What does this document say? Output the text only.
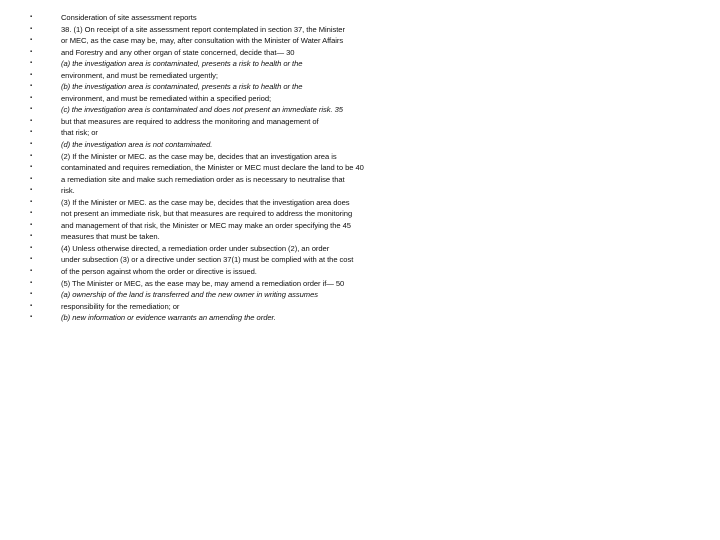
▪	Consideration of site assessment reports
▪	38. (1) On receipt of a site assessment report contemplated in section 37, the Minister
▪	or MEC, as the case may be, may, after consultation with the Minister of Water Affairs
▪	and Forestry and any other organ of state concerned, decide that— 30
▪	(a) the investigation area is contaminated, presents a risk to health or the
▪	environment, and must be remediated urgently;
▪	(b) the investigation area is contaminated, presents a risk to health or the
▪	environment, and must be remediated within a specified period;
▪	(c) the investigation area is contaminated and does not present an immediate risk. 35
▪	but that measures are required to address the monitoring and management of
▪	that risk; or
▪	(d) the investigation area is not contaminated.
▪	(2) If the Minister or MEC. as the case may be, decides that an investigation area is
▪	contaminated and requires remediation, the Minister or MEC must declare the land to be 40
▪	a remediation site and make such remediation order as is necessary to neutralise that
▪	risk.
▪	(3) If the Minister or MEC. as the case may be, decides that the investigation area does
▪	not present an immediate risk, but that measures are required to address the monitoring
▪	and management of that risk, the Minister or MEC may make an order specifying the 45
▪	measures that must be taken.
▪	(4) Unless otherwise directed, a remediation order under subsection (2), an order
▪	under subsection (3) or a directive under section 37(1) must be complied with at the cost
▪	of the person against whom the order or directive is issued.
▪	(5) The Minister or MEC, as the ease may be, may amend a remediation order if— 50
▪	(a) ownership of the land is transferred and the new owner in writing assumes
▪	responsibility for the remediation; or
▪	(b) new information or evidence warrants an amending the order.
